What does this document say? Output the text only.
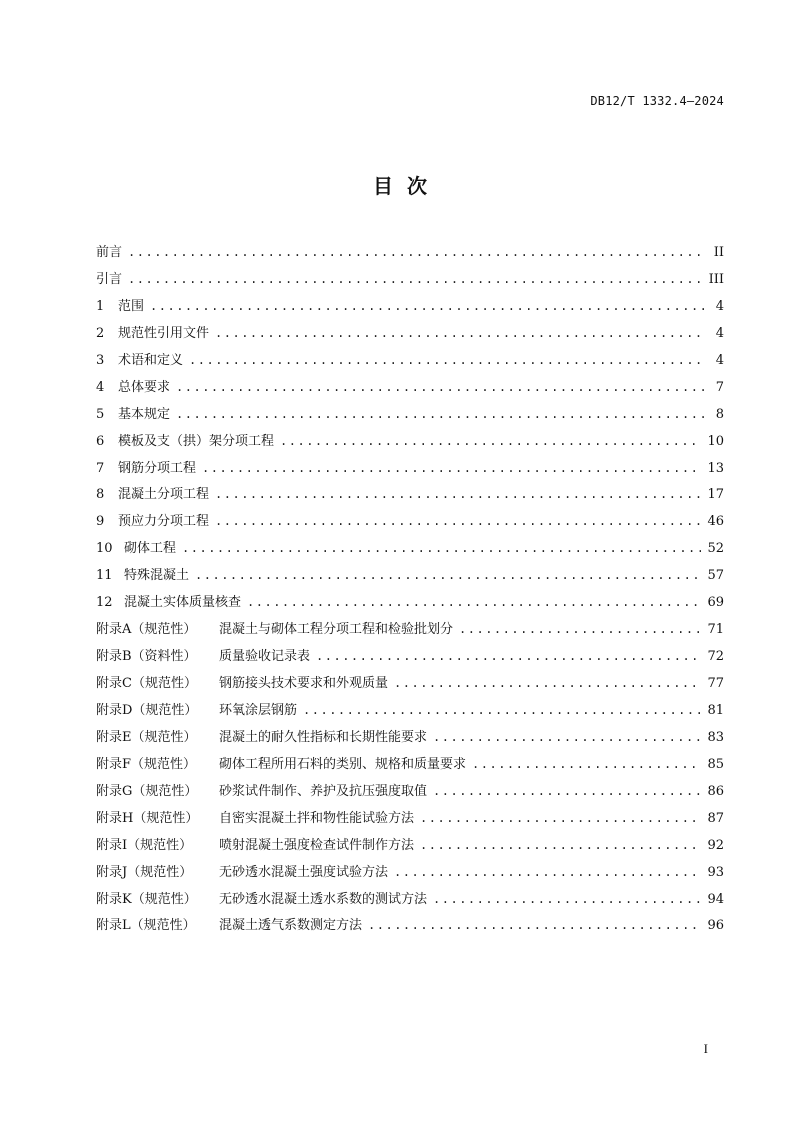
DB12/T 1332.4—2024
目  次
前言 .....	II
引言 .....	III
1 范围 .....	4
2 规范性引用文件 .....	4
3 术语和定义 .....	4
4 总体要求 .....	7
5 基本规定 .....	8
6 模板及支（拱）架分项工程 .....	10
7 钢筋分项工程 .....	13
8 混凝土分项工程 .....	17
9 预应力分项工程 .....	46
10 砌体工程 .....	52
11 特殊混凝土 .....	57
12 混凝土实体质量核查 .....	69
附录A（规范性） 混凝土与砌体工程分项工程和检验批划分 .....	71
附录B（资料性） 质量验收记录表 .....	72
附录C（规范性） 钢筋接头技术要求和外观质量 .....	77
附录D（规范性） 环氧涂层钢筋 .....	81
附录E（规范性） 混凝土的耐久性指标和长期性能要求 .....	83
附录F（规范性） 砌体工程所用石料的类别、规格和质量要求 .....	85
附录G（规范性） 砂浆试件制作、养护及抗压强度取值 .....	86
附录H（规范性） 自密实混凝土拌和物性能试验方法 .....	87
附录I（规范性） 喷射混凝土强度检查试件制作方法 .....	92
附录J（规范性） 无砂透水混凝土强度试验方法 .....	93
附录K（规范性） 无砂透水混凝土透水系数的测试方法 .....	94
附录L（规范性） 混凝土透气系数测定方法 .....	96
I
